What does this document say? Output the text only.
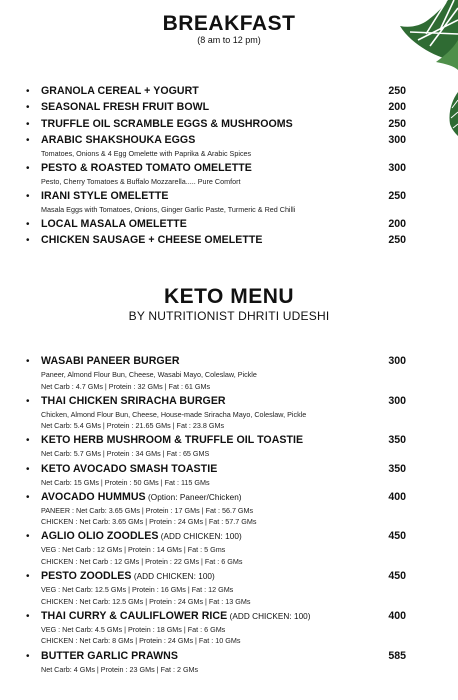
BREAKFAST
(8 am to 12 pm)
• GRANOLA CEREAL + YOGURT	250
• SEASONAL FRESH FRUIT BOWL	200
• TRUFFLE OIL SCRAMBLE EGGS & MUSHROOMS	250
• ARABIC SHAKSHOUKA EGGS	300
Tomatoes, Onions & 4 Egg Omelette with Paprika & Arabic Spices
• PESTO & ROASTED TOMATO OMELETTE	300
Pesto, Cherry Tomatoes & Buffalo Mozzarella..... Pure Comfort
• IRANI STYLE OMELETTE	250
Masala Eggs with Tomatoes, Onions, Ginger Garlic Paste, Turmeric & Red Chilli
• LOCAL MASALA OMELETTE	200
• CHICKEN SAUSAGE + CHEESE OMELETTE	250
KETO MENU
BY NUTRITIONIST DHRITI UDESHI
• WASABI PANEER BURGER	300
Paneer, Almond Flour Bun, Cheese, Wasabi Mayo, Coleslaw, Pickle
Net Carb : 4.7 GMs | Protein : 32 GMs | Fat : 61 GMs
• THAI CHICKEN SRIRACHA BURGER	300
Chicken, Almond Flour Bun, Cheese, House-made Sriracha Mayo, Coleslaw, Pickle
Net Carb: 5.4 GMs | Protein : 21.65 GMs | Fat : 23.8 GMs
• KETO HERB MUSHROOM & TRUFFLE OIL TOASTIE	350
Net Carb: 5.7 GMs | Protein : 34 GMs | Fat : 65 GMS
• KETO AVOCADO SMASH TOASTIE	350
Net Carb: 15 GMs | Protein : 50 GMs | Fat : 115 GMs
• AVOCADO HUMMUS (Option: Paneer/Chicken)	400
PANEER : Net Carb: 3.65 GMs | Protein : 17 GMs | Fat : 56.7 GMs
CHICKEN : Net Carb: 3.65 GMs | Protein : 24 GMs | Fat : 57.7 GMs
• AGLIO OLIO ZOODLES (ADD CHICKEN: 100)	450
VEG : Net Carb : 12 GMs | Protein : 14 GMs | Fat : 5 Gms
CHICKEN : Net Carb : 12 GMs | Protein : 22 GMs | Fat : 6 GMs
• PESTO ZOODLES (ADD CHICKEN: 100)	450
VEG : Net Carb: 12.5 GMs | Protein : 16 GMs | Fat : 12 GMs
CHICKEN : Net Carb: 12.5 GMs | Protein : 24 GMs | Fat : 13 GMs
• THAI CURRY & CAULIFLOWER RICE (ADD CHICKEN: 100)	400
VEG : Net Carb: 4.5 GMs | Protein : 18 GMs | Fat : 6 GMs
CHICKEN : Net Carb: 8 GMs | Protein : 24 GMs | Fat : 10 GMs
• BUTTER GARLIC PRAWNS	585
Net Carb: 4 GMs | Protein : 23 GMs | Fat : 2 GMs
